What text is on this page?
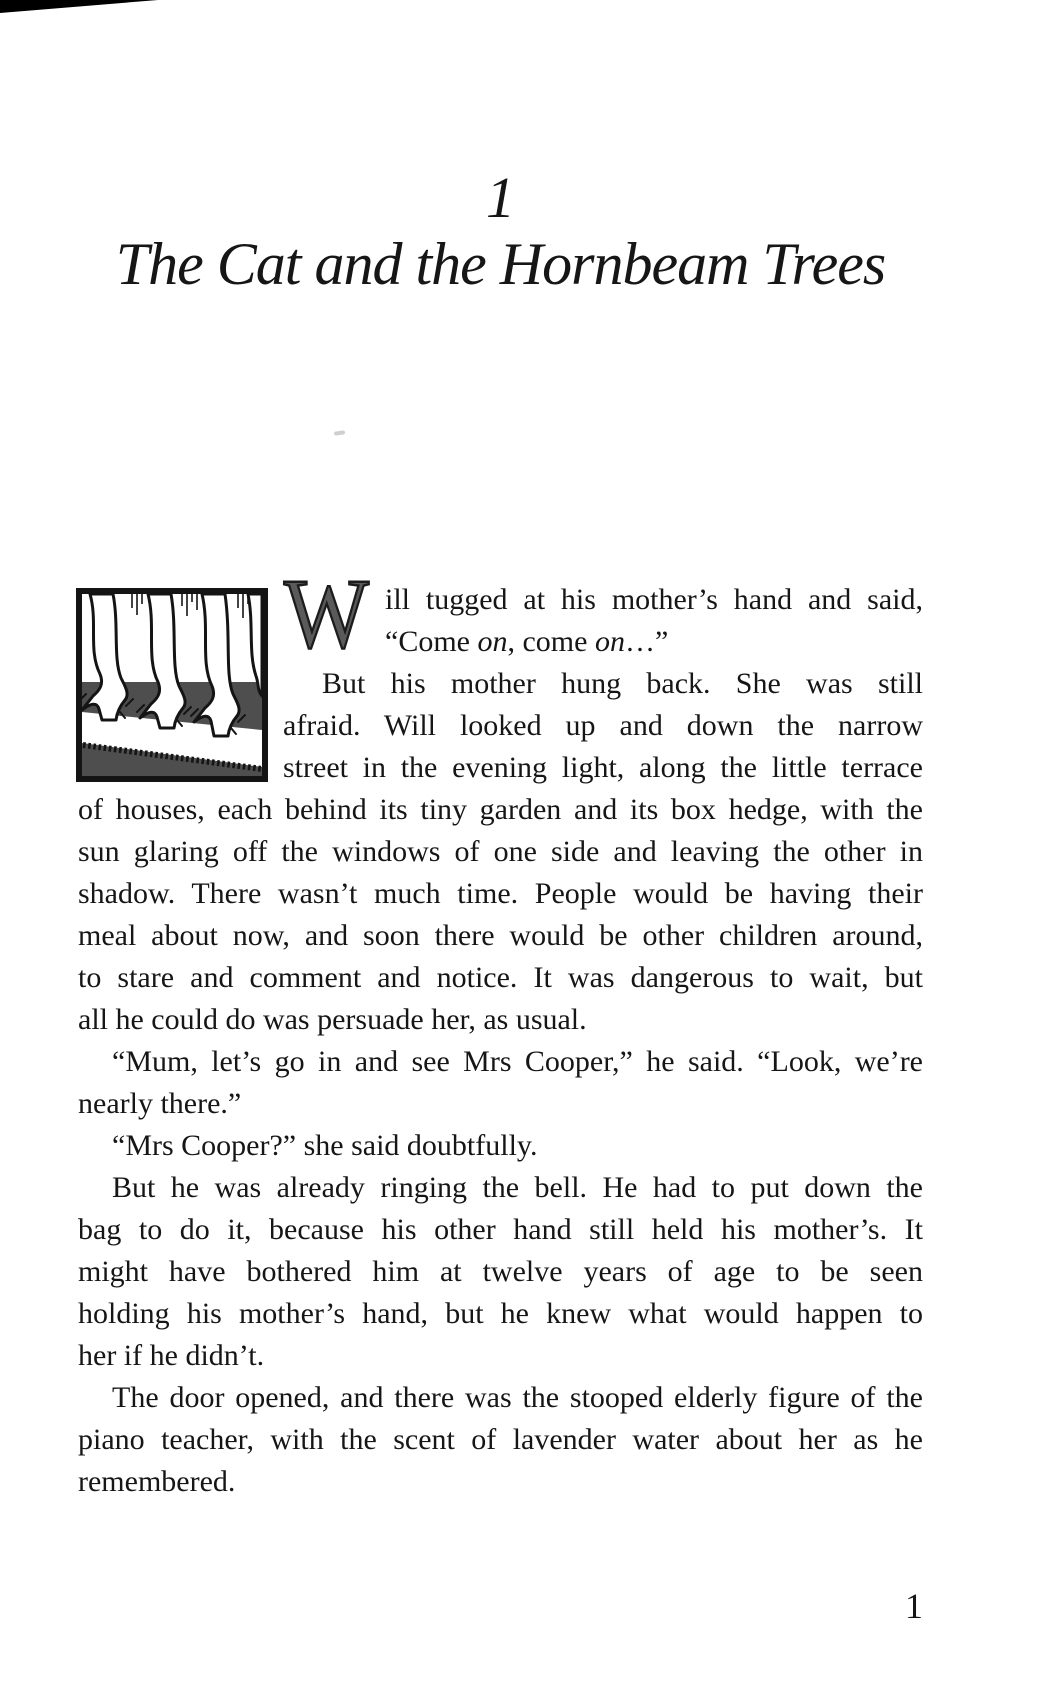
1
The Cat and the Hornbeam Trees
W ill tugged at his mother’s hand and said,
“Come on, come on…”
But his mother hung back. She was still
afraid. Will looked up and down the narrow
street in the evening light, along the little terrace
of houses, each behind its tiny garden and its box hedge, with the
sun glaring off the windows of one side and leaving the other in
shadow. There wasn’t much time. People would be having their
meal about now, and soon there would be other children around,
to stare and comment and notice. It was dangerous to wait, but
all he could do was persuade her, as usual.
“Mum, let’s go in and see Mrs Cooper,” he said. “Look, we’re
nearly there.”
“Mrs Cooper?” she said doubtfully.
But he was already ringing the bell. He had to put down the
bag to do it, because his other hand still held his mother’s. It
might have bothered him at twelve years of age to be seen
holding his mother’s hand, but he knew what would happen to
her if he didn’t.
The door opened, and there was the stooped elderly figure of the
piano teacher, with the scent of lavender water about her as he
remembered.
1
